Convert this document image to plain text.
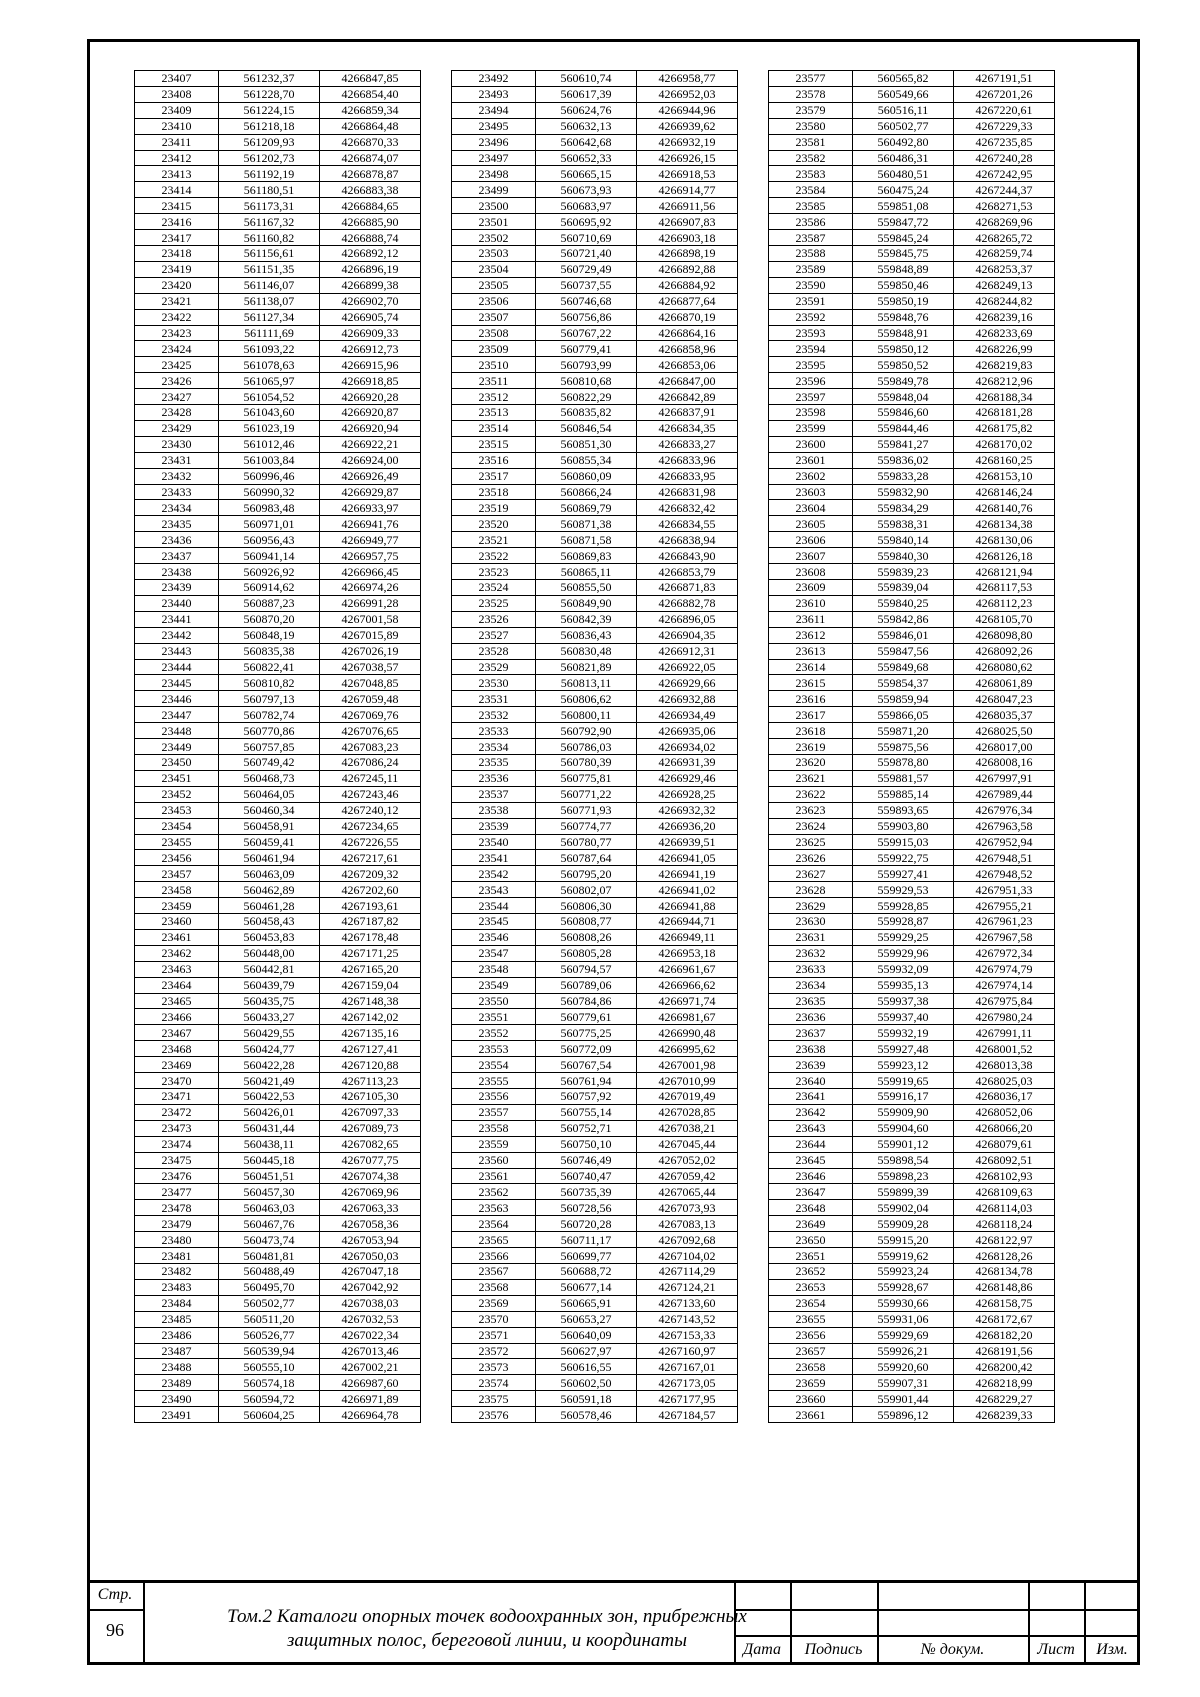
23407	561232,37	4266847,85
23408	561228,70	4266854,40
23409	561224,15	4266859,34
23410	561218,18	4266864,48
23411	561209,93	4266870,33
23412	561202,73	4266874,07
23413	561192,19	4266878,87
23414	561180,51	4266883,38
23415	561173,31	4266884,65
23416	561167,32	4266885,90
23417	561160,82	4266888,74
23418	561156,61	4266892,12
23419	561151,35	4266896,19
23420	561146,07	4266899,38
23421	561138,07	4266902,70
23422	561127,34	4266905,74
23423	561111,69	4266909,33
23424	561093,22	4266912,73
23425	561078,63	4266915,96
23426	561065,97	4266918,85
23427	561054,52	4266920,28
23428	561043,60	4266920,87
23429	561023,19	4266920,94
23430	561012,46	4266922,21
23431	561003,84	4266924,00
23432	560996,46	4266926,49
23433	560990,32	4266929,87
23434	560983,48	4266933,97
23435	560971,01	4266941,76
23436	560956,43	4266949,77
23437	560941,14	4266957,75
23438	560926,92	4266966,45
23439	560914,62	4266974,26
23440	560887,23	4266991,28
23441	560870,20	4267001,58
23442	560848,19	4267015,89
23443	560835,38	4267026,19
23444	560822,41	4267038,57
23445	560810,82	4267048,85
23446	560797,13	4267059,48
23447	560782,74	4267069,76
23448	560770,86	4267076,65
23449	560757,85	4267083,23
23450	560749,42	4267086,24
23451	560468,73	4267245,11
23452	560464,05	4267243,46
23453	560460,34	4267240,12
23454	560458,91	4267234,65
23455	560459,41	4267226,55
23456	560461,94	4267217,61
23457	560463,09	4267209,32
23458	560462,89	4267202,60
23459	560461,28	4267193,61
23460	560458,43	4267187,82
23461	560453,83	4267178,48
23462	560448,00	4267171,25
23463	560442,81	4267165,20
23464	560439,79	4267159,04
23465	560435,75	4267148,38
23466	560433,27	4267142,02
23467	560429,55	4267135,16
23468	560424,77	4267127,41
23469	560422,28	4267120,88
23470	560421,49	4267113,23
23471	560422,53	4267105,30
23472	560426,01	4267097,33
23473	560431,44	4267089,73
23474	560438,11	4267082,65
23475	560445,18	4267077,75
23476	560451,51	4267074,38
23477	560457,30	4267069,96
23478	560463,03	4267063,33
23479	560467,76	4267058,36
23480	560473,74	4267053,94
23481	560481,81	4267050,03
23482	560488,49	4267047,18
23483	560495,70	4267042,92
23484	560502,77	4267038,03
23485	560511,20	4267032,53
23486	560526,77	4267022,34
23487	560539,94	4267013,46
23488	560555,10	4267002,21
23489	560574,18	4266987,60
23490	560594,72	4266971,89
23491	560604,25	4266964,78
23492	560610,74	4266958,77
23493	560617,39	4266952,03
23494	560624,76	4266944,96
23495	560632,13	4266939,62
23496	560642,68	4266932,19
23497	560652,33	4266926,15
23498	560665,15	4266918,53
23499	560673,93	4266914,77
23500	560683,97	4266911,56
23501	560695,92	4266907,83
23502	560710,69	4266903,18
23503	560721,40	4266898,19
23504	560729,49	4266892,88
23505	560737,55	4266884,92
23506	560746,68	4266877,64
23507	560756,86	4266870,19
23508	560767,22	4266864,16
23509	560779,41	4266858,96
23510	560793,99	4266853,06
23511	560810,68	4266847,00
23512	560822,29	4266842,89
23513	560835,82	4266837,91
23514	560846,54	4266834,35
23515	560851,30	4266833,27
23516	560855,34	4266833,96
23517	560860,09	4266833,95
23518	560866,24	4266831,98
23519	560869,79	4266832,42
23520	560871,38	4266834,55
23521	560871,58	4266838,94
23522	560869,83	4266843,90
23523	560865,11	4266853,79
23524	560855,50	4266871,83
23525	560849,90	4266882,78
23526	560842,39	4266896,05
23527	560836,43	4266904,35
23528	560830,48	4266912,31
23529	560821,89	4266922,05
23530	560813,11	4266929,66
23531	560806,62	4266932,88
23532	560800,11	4266934,49
23533	560792,90	4266935,06
23534	560786,03	4266934,02
23535	560780,39	4266931,39
23536	560775,81	4266929,46
23537	560771,22	4266928,25
23538	560771,93	4266932,32
23539	560774,77	4266936,20
23540	560780,77	4266939,51
23541	560787,64	4266941,05
23542	560795,20	4266941,19
23543	560802,07	4266941,02
23544	560806,30	4266941,88
23545	560808,77	4266944,71
23546	560808,26	4266949,11
23547	560805,28	4266953,18
23548	560794,57	4266961,67
23549	560789,06	4266966,62
23550	560784,86	4266971,74
23551	560779,61	4266981,67
23552	560775,25	4266990,48
23553	560772,09	4266995,62
23554	560767,54	4267001,98
23555	560761,94	4267010,99
23556	560757,92	4267019,49
23557	560755,14	4267028,85
23558	560752,71	4267038,21
23559	560750,10	4267045,44
23560	560746,49	4267052,02
23561	560740,47	4267059,42
23562	560735,39	4267065,44
23563	560728,56	4267073,93
23564	560720,28	4267083,13
23565	560711,17	4267092,68
23566	560699,77	4267104,02
23567	560688,72	4267114,29
23568	560677,14	4267124,21
23569	560665,91	4267133,60
23570	560653,27	4267143,52
23571	560640,09	4267153,33
23572	560627,97	4267160,97
23573	560616,55	4267167,01
23574	560602,50	4267173,05
23575	560591,18	4267177,95
23576	560578,46	4267184,57
23577	560565,82	4267191,51
23578	560549,66	4267201,26
23579	560516,11	4267220,61
23580	560502,77	4267229,33
23581	560492,80	4267235,85
23582	560486,31	4267240,28
23583	560480,51	4267242,95
23584	560475,24	4267244,37
23585	559851,08	4268271,53
23586	559847,72	4268269,96
23587	559845,24	4268265,72
23588	559845,75	4268259,74
23589	559848,89	4268253,37
23590	559850,46	4268249,13
23591	559850,19	4268244,82
23592	559848,76	4268239,16
23593	559848,91	4268233,69
23594	559850,12	4268226,99
23595	559850,52	4268219,83
23596	559849,78	4268212,96
23597	559848,04	4268188,34
23598	559846,60	4268181,28
23599	559844,46	4268175,82
23600	559841,27	4268170,02
23601	559836,02	4268160,25
23602	559833,28	4268153,10
23603	559832,90	4268146,24
23604	559834,29	4268140,76
23605	559838,31	4268134,38
23606	559840,14	4268130,06
23607	559840,30	4268126,18
23608	559839,23	4268121,94
23609	559839,04	4268117,53
23610	559840,25	4268112,23
23611	559842,86	4268105,70
23612	559846,01	4268098,80
23613	559847,56	4268092,26
23614	559849,68	4268080,62
23615	559854,37	4268061,89
23616	559859,94	4268047,23
23617	559866,05	4268035,37
23618	559871,20	4268025,50
23619	559875,56	4268017,00
23620	559878,80	4268008,16
23621	559881,57	4267997,91
23622	559885,14	4267989,44
23623	559893,65	4267976,34
23624	559903,80	4267963,58
23625	559915,03	4267952,94
23626	559922,75	4267948,51
23627	559927,41	4267948,52
23628	559929,53	4267951,33
23629	559928,85	4267955,21
23630	559928,87	4267961,23
23631	559929,25	4267967,58
23632	559929,96	4267972,34
23633	559932,09	4267974,79
23634	559935,13	4267974,14
23635	559937,38	4267975,84
23636	559937,40	4267980,24
23637	559932,19	4267991,11
23638	559927,48	4268001,52
23639	559923,12	4268013,38
23640	559919,65	4268025,03
23641	559916,17	4268036,17
23642	559909,90	4268052,06
23643	559904,60	4268066,20
23644	559901,12	4268079,61
23645	559898,54	4268092,51
23646	559898,23	4268102,93
23647	559899,39	4268109,63
23648	559902,04	4268114,03
23649	559909,28	4268118,24
23650	559915,20	4268122,97
23651	559919,62	4268128,26
23652	559923,24	4268134,78
23653	559928,67	4268148,86
23654	559930,66	4268158,75
23655	559931,06	4268172,67
23656	559929,69	4268182,20
23657	559926,21	4268191,56
23658	559920,60	4268200,42
23659	559907,31	4268218,99
23660	559901,44	4268229,27
23661	559896,12	4268239,33
Стр.
96
Том.2 Каталоги опорных точек водоохранных зон, прибрежных
защитных полос, береговой линии, и координаты	Дата	Подпись	№ докум.	Лист	Изм.
